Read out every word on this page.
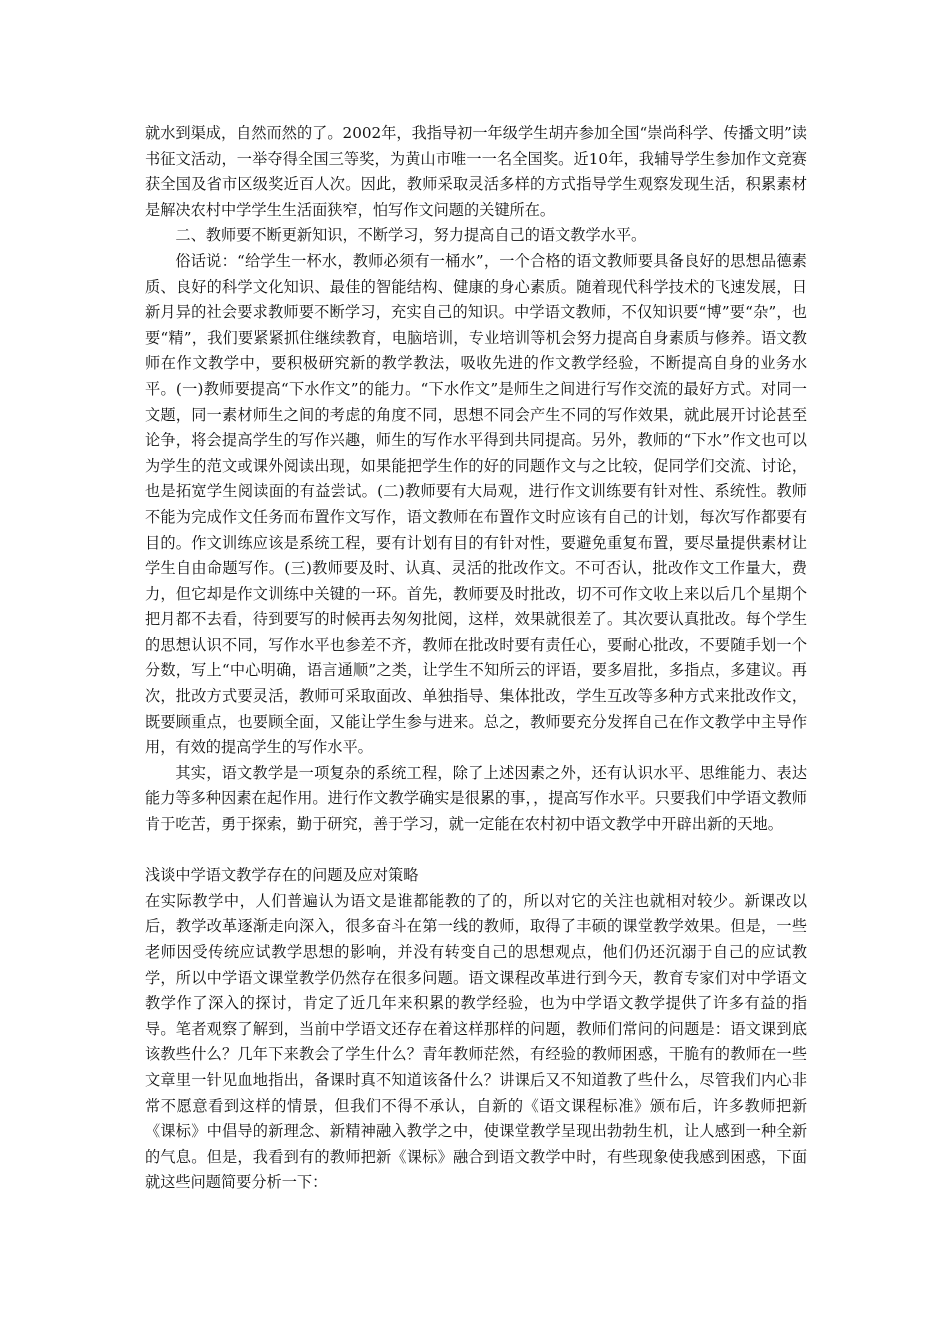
就水到渠成，自然而然的了。2002年，我指导初一年级学生胡卉参加全国“崇尚科学、传播文明”读书征文活动，一举夺得全国三等奖，为黄山市唯一一名全国奖。近10年，我辅导学生参加作文竞赛获全国及省市区级奖近百人次。因此，教师采取灵活多样的方式指导学生观察发现生活，积累素材是解决农村中学学生生活面狭窄，怕写作文问题的关键所在。

二、教师要不断更新知识，不断学习，努力提高自己的语文教学水平。

俗话说：“给学生一杯水，教师必须有一桶水”，一个合格的语文教师要具备良好的思想品德素质、良好的科学文化知识、最佳的智能结构、健康的身心素质。随着现代科学技术的飞速发展，日新月异的社会要求教师要不断学习，充实自己的知识。中学语文教师，不仅知识要“博”要“杂”，也要“精”，我们要紧紧抓住继续教育，电脑培训，专业培训等机会努力提高自身素质与修养。语文教师在作文教学中，要积极研究新的教学教法，吸收先进的作文教学经验，不断提高自身的业务水平。(一)教师要提高“下水作文”的能力。“下水作文”是师生之间进行写作交流的最好方式。对同一文题，同一素材师生之间的考虑的角度不同，思想不同会产生不同的写作效果，就此展开讨论甚至论争，将会提高学生的写作兴趣，师生的写作水平得到共同提高。另外，教师的“下水”作文也可以为学生的范文或课外阅读出现，如果能把学生作的好的同题作文与之比较，促同学们交流、讨论，也是拓宽学生阅读面的有益尝试。(二)教师要有大局观，进行作文训练要有针对性、系统性。教师不能为完成作文任务而布置作文写作，语文教师在布置作文时应该有自己的计划，每次写作都要有目的。作文训练应该是系统工程，要有计划有目的有针对性，要避免重复布置，要尽量提供素材让学生自由命题写作。(三)教师要及时、认真、灵活的批改作文。不可否认，批改作文工作量大，费力，但它却是作文训练中关键的一环。首先，教师要及时批改，切不可作文收上来以后几个星期个把月都不去看，待到要写的时候再去匆匆批阅，这样，效果就很差了。其次要认真批改。每个学生的思想认识不同，写作水平也参差不齐，教师在批改时要有责任心，要耐心批改，不要随手划一个分数，写上“中心明确，语言通顺”之类，让学生不知所云的评语，要多眉批，多指点，多建议。再次，批改方式要灵活，教师可采取面改、单独指导、集体批改，学生互改等多种方式来批改作文，既要顾重点，也要顾全面，又能让学生参与进来。总之，教师要充分发挥自己在作文教学中主导作用，有效的提高学生的写作水平。

其实，语文教学是一项复杂的系统工程，除了上述因素之外，还有认识水平、思维能力、表达能力等多种因素在起作用。进行作文教学确实是很累的事，，提高写作水平。只要我们中学语文教师肯于吃苦，勇于探索，勤于研究，善于学习，就一定能在农村初中语文教学中开辟出新的天地。

浅谈中学语文教学存在的问题及应对策略

在实际教学中，人们普遍认为语文是谁都能教的了的，所以对它的关注也就相对较少。新课改以后，教学改革逐渐走向深入，很多奋斗在第一线的教师，取得了丰硕的课堂教学效果。但是，一些老师因受传统应试教学思想的影响，并没有转变自己的思想观点，他们仍还沉溺于自己的应试教学，所以中学语文课堂教学仍然存在很多问题。语文课程改革进行到今天，教育专家们对中学语文教学作了深入的探讨，肯定了近几年来积累的教学经验，也为中学语文教学提供了许多有益的指导。笔者观察了解到，当前中学语文还存在着这样那样的问题，教师们常问的问题是：语文课到底该教些什么？几年下来教会了学生什么？青年教师茫然，有经验的教师困惑，干脆有的教师在一些文章里一针见血地指出，备课时真不知道该备什么？讲课后又不知道教了些什么，尽管我们内心非常不愿意看到这样的情景，但我们不得不承认，自新的《语文课程标准》颁布后，许多教师把新《课标》中倡导的新理念、新精神融入教学之中，使课堂教学呈现出勃勃生机，让人感到一种全新的气息。但是，我看到有的教师把新《课标》融合到语文教学中时，有些现象使我感到困惑，下面就这些问题简要分析一下：
